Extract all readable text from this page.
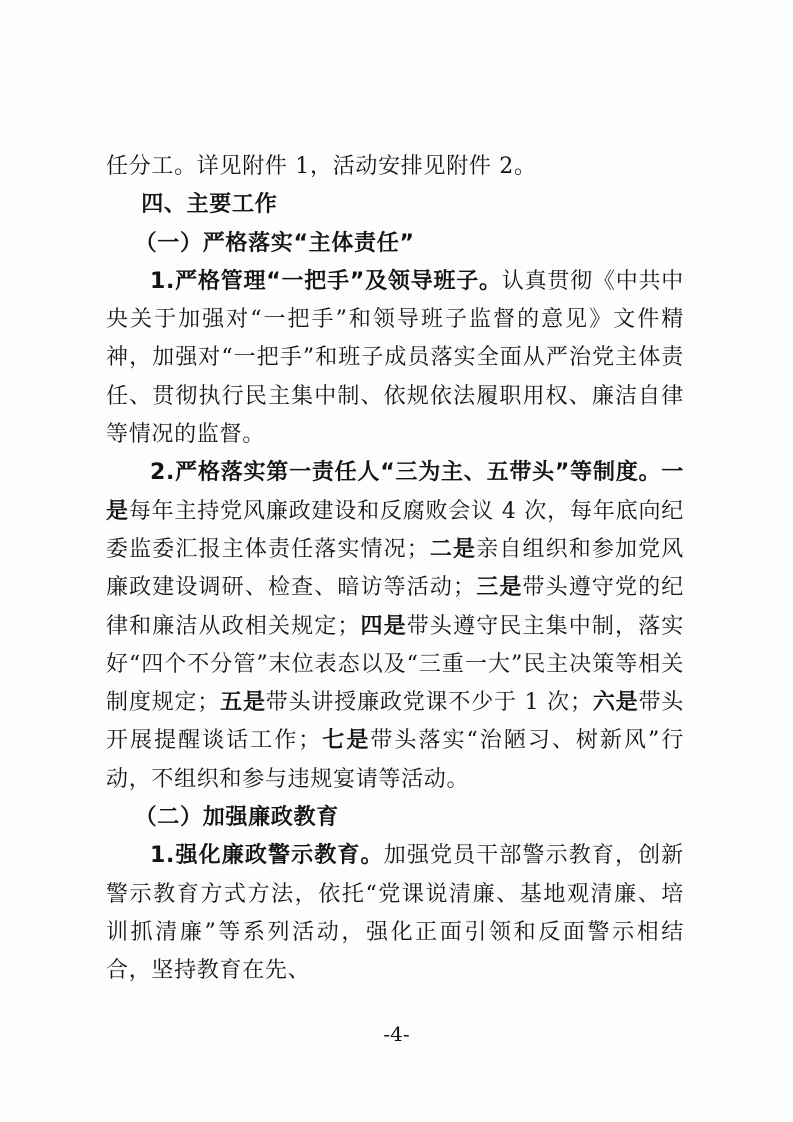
任分工。详见附件 1，活动安排见附件 2。

四、主要工作

（一）严格落实“主体责任”

1.严格管理“一把手”及领导班子。认真贯彻《中共中央关于加强对“一把手”和领导班子监督的意见》文件精神，加强对“一把手”和班子成员落实全面从严治党主体责任、贯彻执行民主集中制、依规依法履职用权、廉洁自律等情况的监督。

2.严格落实第一责任人“三为主、五带头”等制度。一是每年主持党风廉政建设和反腐败会议 4 次，每年底向纪委监委汇报主体责任落实情况；二是亲自组织和参加党风廉政建设调研、检查、暗访等活动；三是带头遵守党的纪律和廉洁从政相关规定；四是带头遵守民主集中制，落实好“四个不分管”末位表态以及“三重一大”民主决策等相关制度规定；五是带头讲授廉政党课不少于 1 次；六是带头开展提醒谈话工作；七是带头落实“治陋习、树新风”行动，不组织和参与违规宴请等活动。

（二）加强廉政教育

1.强化廉政警示教育。加强党员干部警示教育，创新警示教育方式方法，依托“党课说清廉、基地观清廉、培训抓清廉”等系列活动，强化正面引领和反面警示相结合，坚持教育在先、

-4-
